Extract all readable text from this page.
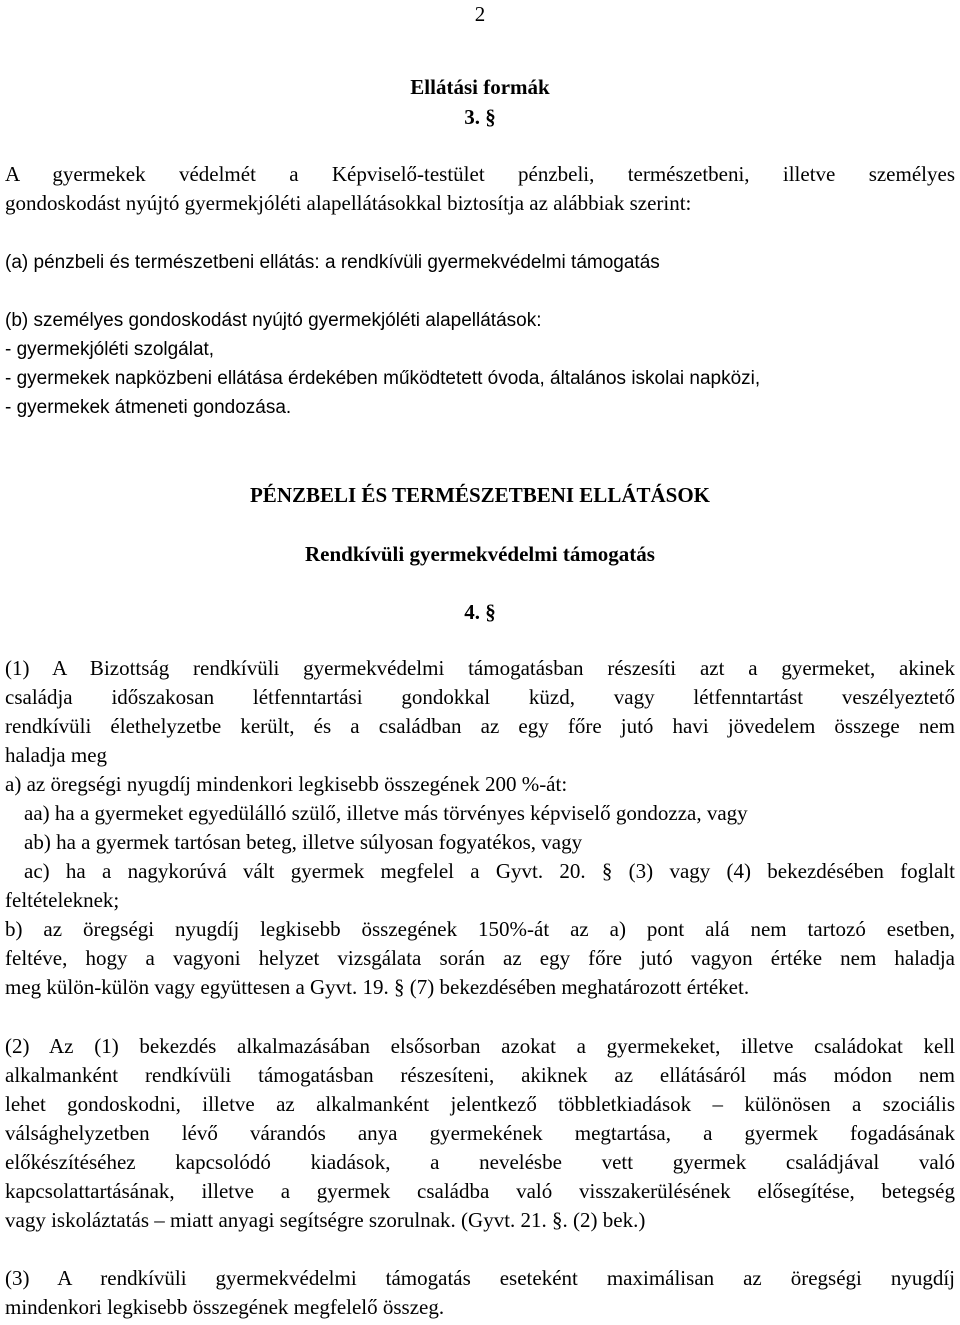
2
Ellátási formák
3. §
A gyermekek védelmét a Képviselő-testület pénzbeli, természetbeni, illetve személyes
gondoskodást nyújtó gyermekjóléti alapellátásokkal biztosítja az alábbiak szerint:
(a) pénzbeli és természetbeni ellátás: a rendkívüli gyermekvédelmi támogatás
(b) személyes gondoskodást nyújtó gyermekjóléti alapellátások:
- gyermekjóléti szolgálat,
- gyermekek napközbeni ellátása érdekében működtetett óvoda, általános iskolai napközi,
- gyermekek átmeneti gondozása.
PÉNZBELI ÉS TERMÉSZETBENI ELLÁTÁSOK
Rendkívüli gyermekvédelmi támogatás
4. §
(1) A Bizottság rendkívüli gyermekvédelmi támogatásban részesíti azt a gyermeket, akinek
családja időszakosan létfenntartási gondokkal küzd, vagy létfenntartást veszélyeztető
rendkívüli élethelyzetbe került, és a családban az egy főre jutó havi jövedelem összege nem
haladja meg
a) az öregségi nyugdíj mindenkori legkisebb összegének 200 %-át:
aa) ha a gyermeket egyedülálló szülő, illetve más törvényes képviselő gondozza, vagy
ab) ha a gyermek tartósan beteg, illetve súlyosan fogyatékos, vagy
ac) ha a nagykorúvá vált gyermek megfelel a Gyvt. 20. § (3) vagy (4) bekezdésében foglalt
feltételeknek;
b) az öregségi nyugdíj legkisebb összegének 150%-át az a) pont alá nem tartozó esetben,
feltéve, hogy a vagyoni helyzet vizsgálata során az egy főre jutó vagyon értéke nem haladja
meg külön-külön vagy együttesen a Gyvt. 19. § (7) bekezdésében meghatározott értéket.
(2) Az (1) bekezdés alkalmazásában elsősorban azokat a gyermekeket, illetve családokat kell
alkalmanként rendkívüli támogatásban részesíteni, akiknek az ellátásáról más módon nem
lehet gondoskodni, illetve az alkalmanként jelentkező többletkiadások – különösen a szociális
válsághelyzetben lévő várandós anya gyermekének megtartása, a gyermek fogadásának
előkészítéséhez kapcsolódó kiadások, a nevelésbe vett gyermek családjával való
kapcsolattartásának, illetve a gyermek családba való visszakerülésének elősegítése, betegség
vagy iskoláztatás – miatt anyagi segítségre szorulnak. (Gyvt. 21. §. (2) bek.)
(3) A rendkívüli gyermekvédelmi támogatás eseteként maximálisan az öregségi nyugdíj
mindenkori legkisebb összegének megfelelő összeg.
